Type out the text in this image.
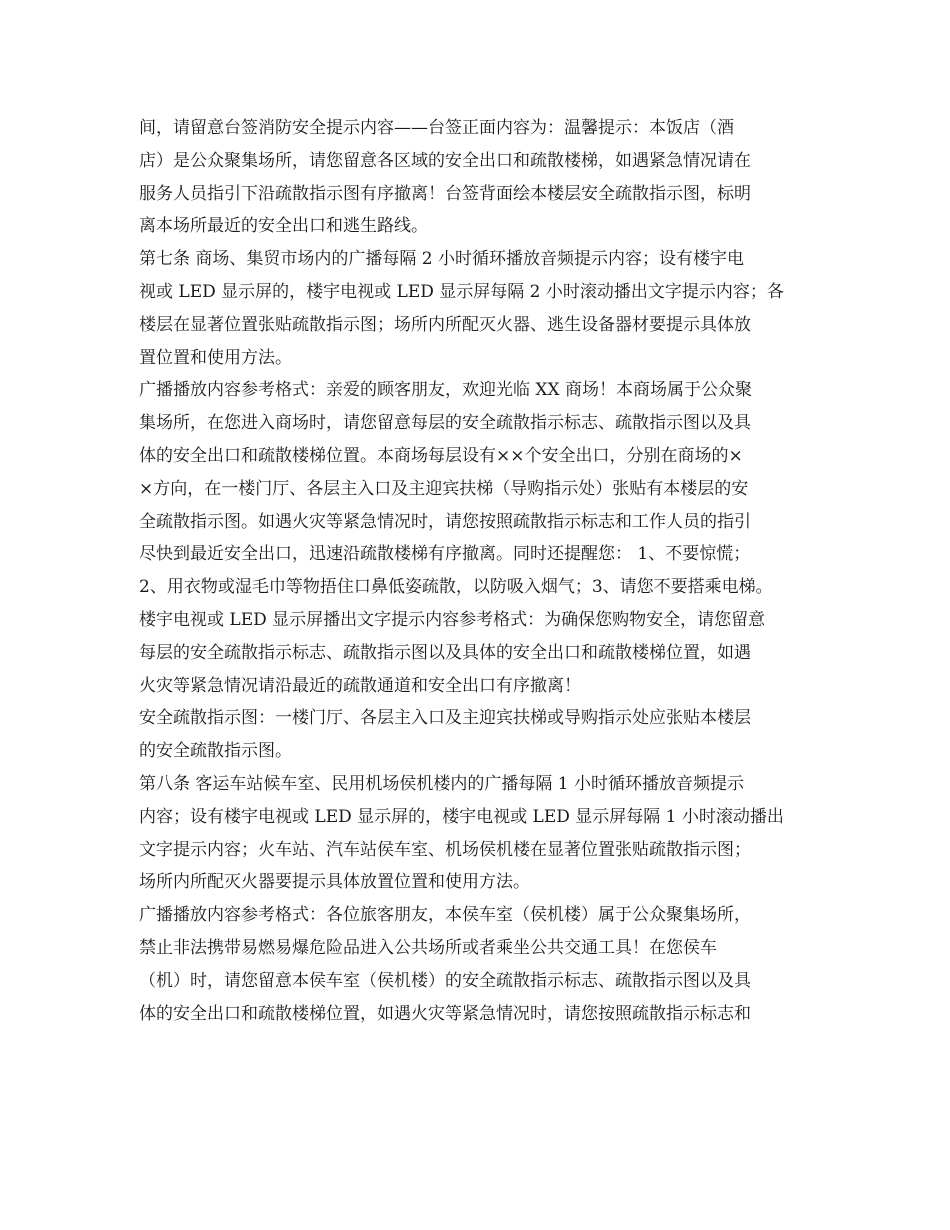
间，请留意台签消防安全提示内容——台签正面内容为：温馨提示：本饭店（酒
店）是公众聚集场所，请您留意各区域的安全出口和疏散楼梯，如遇紧急情况请在
服务人员指引下沿疏散指示图有序撤离！台签背面绘本楼层安全疏散指示图，标明
离本场所最近的安全出口和逃生路线。
第七条 商场、集贸市场内的广播每隔 2 小时循环播放音频提示内容；设有楼宇电
视或 LED 显示屏的，楼宇电视或 LED 显示屏每隔 2 小时滚动播出文字提示内容；各
楼层在显著位置张贴疏散指示图；场所内所配灭火器、逃生设备器材要提示具体放
置位置和使用方法。
广播播放内容参考格式：亲爱的顾客朋友，欢迎光临 XX 商场！本商场属于公众聚
集场所，在您进入商场时，请您留意每层的安全疏散指示标志、疏散指示图以及具
体的安全出口和疏散楼梯位置。本商场每层设有××个安全出口，分别在商场的×
×方向，在一楼门厅、各层主入口及主迎宾扶梯（导购指示处）张贴有本楼层的安
全疏散指示图。如遇火灾等紧急情况时，请您按照疏散指示标志和工作人员的指引
尽快到最近安全出口，迅速沿疏散楼梯有序撤离。同时还提醒您： 1、不要惊慌；
2、用衣物或湿毛巾等物捂住口鼻低姿疏散，以防吸入烟气；3、请您不要搭乘电梯。
楼宇电视或 LED 显示屏播出文字提示内容参考格式：为确保您购物安全，请您留意
每层的安全疏散指示标志、疏散指示图以及具体的安全出口和疏散楼梯位置，如遇
火灾等紧急情况请沿最近的疏散通道和安全出口有序撤离！
安全疏散指示图：一楼门厅、各层主入口及主迎宾扶梯或导购指示处应张贴本楼层
的安全疏散指示图。
第八条 客运车站候车室、民用机场侯机楼内的广播每隔 1 小时循环播放音频提示
内容；设有楼宇电视或 LED 显示屏的，楼宇电视或 LED 显示屏每隔 1 小时滚动播出
文字提示内容；火车站、汽车站侯车室、机场侯机楼在显著位置张贴疏散指示图；
场所内所配灭火器要提示具体放置位置和使用方法。
广播播放内容参考格式：各位旅客朋友，本侯车室（侯机楼）属于公众聚集场所，
禁止非法携带易燃易爆危险品进入公共场所或者乘坐公共交通工具！在您侯车
（机）时，请您留意本侯车室（侯机楼）的安全疏散指示标志、疏散指示图以及具
体的安全出口和疏散楼梯位置，如遇火灾等紧急情况时，请您按照疏散指示标志和
